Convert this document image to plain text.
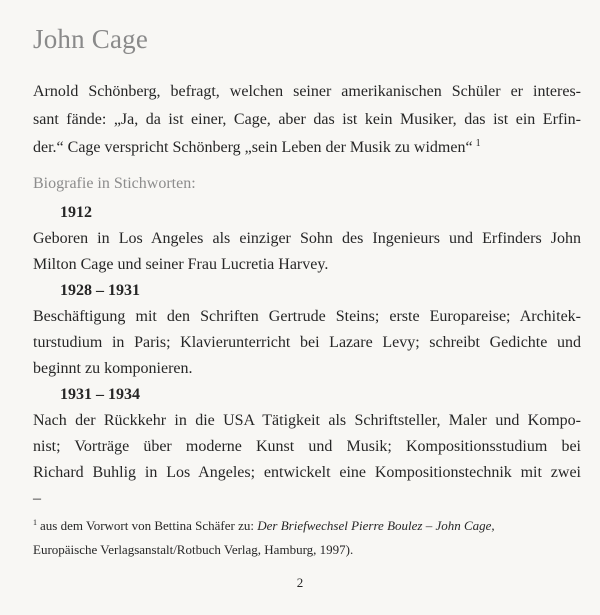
John Cage
Arnold Schönberg, befragt, welchen seiner amerikanischen Schüler er interes-
sant fände: „Ja, da ist einer, Cage, aber das ist kein Musiker, das ist ein Erfin-
der.“ Cage verspricht Schönberg „sein Leben der Musik zu widmen“ $^1$
Biografie in Stichworten:
1912
Geboren in Los Angeles als einziger Sohn des Ingenieurs und Erfinders John
Milton Cage und seiner Frau Lucretia Harvey.
1928 – 1931
Beschäftigung mit den Schriften Gertrude Steins; erste Europareise; Architek-
turstudium in Paris; Klavierunterricht bei Lazare Levy; schreibt Gedichte und
beginnt zu komponieren.
1931 – 1934
Nach der Rückkehr in die USA Tätigkeit als Schriftsteller, Maler und Kompo-
nist; Vorträge über moderne Kunst und Musik; Kompositionsstudium bei
Richard Buhlig in Los Angeles; entwickelt eine Kompositionstechnik mit zwei
–
$^1$ aus dem Vorwort von Bettina Schäfer zu: Der Briefwechsel Pierre Boulez – John Cage,
Europäische Verlagsanstalt/Rotbuch Verlag, Hamburg, 1997).
2
